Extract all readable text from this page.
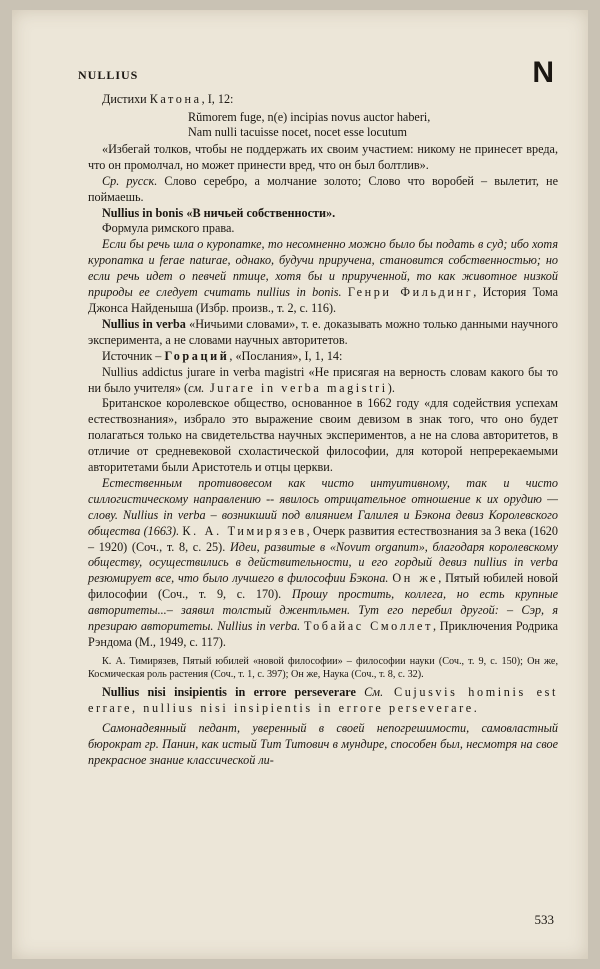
NULLIUS	N

Дистихи Катона, I, 12:

Rŭmorem fuge, n(e) incipias novus auctor haberi,
Nam nulli tacuisse nocet, nocet esse locutum

«Избегай толков, чтобы не поддержать их своим участием: никому не принесет вреда, что он промолчал, но может принести вред, что он был болтлив».

Ср. русск. Слово серебро, а молчание золото; Слово что воробей – вылетит, не поймаешь.

Nullius in bonis «В ничьей собственности».

Формула римского права.

Если бы речь шла о куропатке, то несомненно можно было бы подать в суд; ибо хотя куропатка и ferae naturae, однако, будучи приручена, становится собственностью; но если речь идет о певчей птице, хотя бы и прирученной, то как животное низкой природы ее следует считать nullius in bonis. Генри Фильдинг, История Тома Джонса Найденыша (Избр. произв., т. 2, с. 116).

Nullius in verba «Ничьими словами», т. е. доказывать можно только данными научного эксперимента, а не словами научных авторитетов.

Источник – Гораций, «Послания», I, 1, 14:

Nullius addictus jurare in verba magistri «Не присягая на верность словам какого бы то ни было учителя» (см. Jurare in verba magistri).

Британское королевское общество, основанное в 1662 году «для содействия успехам естествознания», избрало это выражение своим девизом в знак того, что оно будет полагаться только на свидетельства научных экспериментов, а не на слова авторитетов, в отличие от средневековой схоластической философии, для которой непререкаемыми авторитетами были Аристотель и отцы церкви.

Естественным противовесом как чисто интуитивному, так и чисто силлогистическому направлению -- явилось отрицательное отношение к их орудию — слову. Nullius in verba – возникший под влиянием Галилея и Бэкона девиз Королевского общества (1663). К. А. Тимирязев, Очерк развития естествознания за 3 века (1620 – 1920) (Соч., т. 8, с. 25). Идеи, развитые в «Novum organum», благодаря королевскому обществу, осуществились в действительности, и его гордый девиз nullius in verba резюмирует все, что было лучшего в философии Бэкона. Он же, Пятый юбилей новой философии (Соч., т. 9, с. 170). Прошу простить, коллега, но есть крупные авторитеты...– заявил толстый джентльмен. Тут его перебил другой: – Сэр, я презираю авторитеты. Nullius in verba. Тобайас Смоллет, Приключения Родрика Рэндома (М., 1949, с. 117).

К. А. Тимирязев, Пятый юбилей «новой философии» – философии науки (Соч., т. 9, с. 150); Он же, Космическая роль растения (Соч., т. 1, с. 397); Он же, Наука (Соч., т. 8, с. 32).

Nullius nisi insipientis in errore perseverare См. Cujusvis hominis est errare, nullius nisi insipientis in errore perseverare.

Самонадеянный педант, уверенный в своей непогрешимости, самовластный бюрократ гр. Панин, как истый Тит Титович в мундире, способен был, несмотря на свое прекрасное знание классической ли-

533
